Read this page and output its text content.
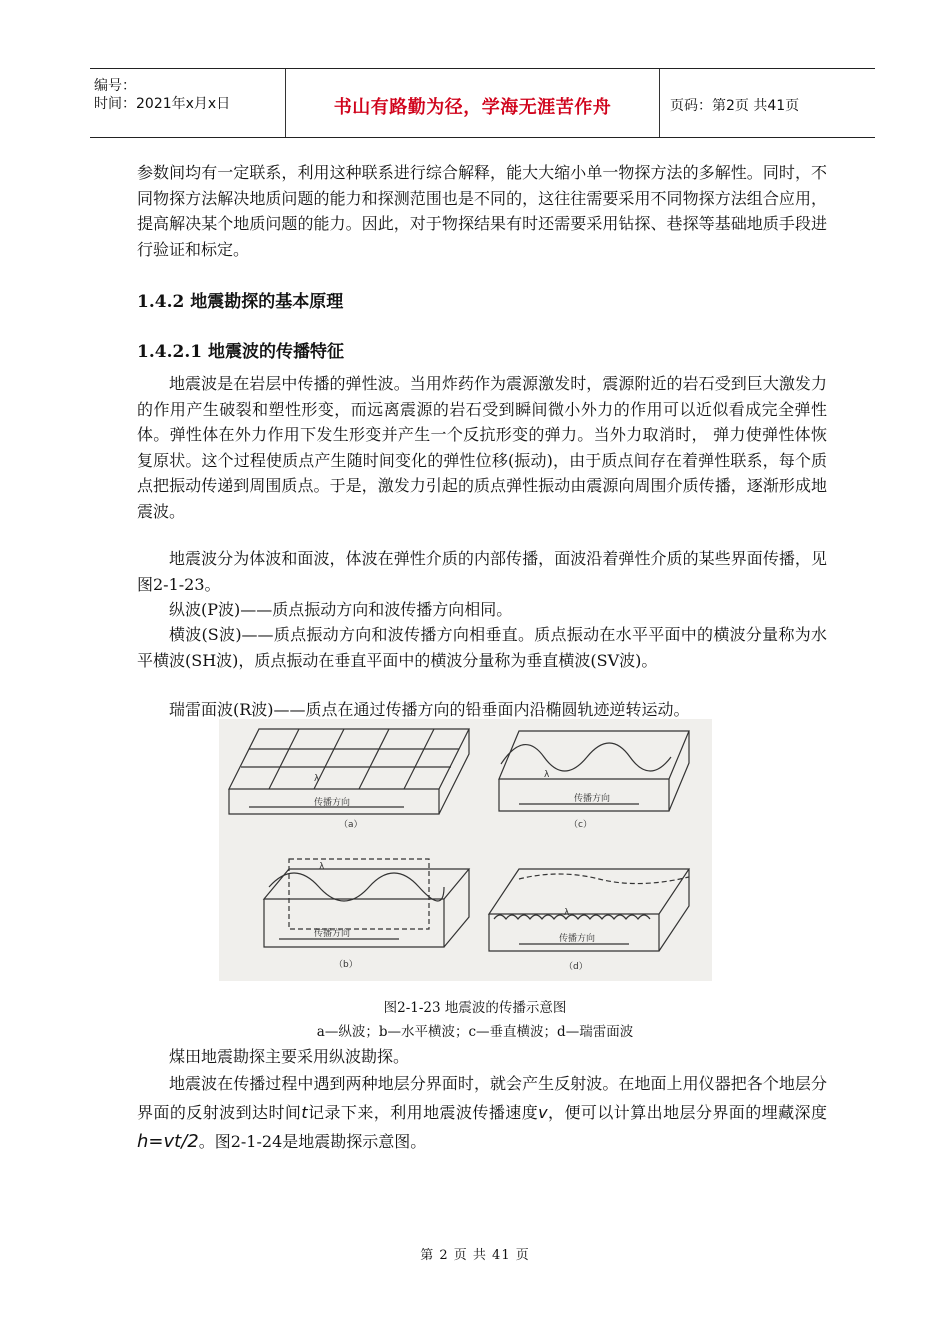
编号：
时间：2021年x月x日	书山有路勤为径，学海无涯苦作舟	页码：第2页 共41页
参数间均有一定联系，利用这种联系进行综合解释，能大大缩小单一物探方法的多解性。同时，不同物探方法解决地质问题的能力和探测范围也是不同的，这往往需要采用不同物探方法组合应用，提高解决某个地质问题的能力。因此，对于物探结果有时还需要采用钻探、巷探等基础地质手段进行验证和标定。
1.4.2 地震勘探的基本原理
1.4.2.1 地震波的传播特征
地震波是在岩层中传播的弹性波。当用炸药作为震源激发时，震源附近的岩石受到巨大激发力的作用产生破裂和塑性形变，而远离震源的岩石受到瞬间微小外力的作用可以近似看成完全弹性体。弹性体在外力作用下发生形变并产生一个反抗形变的弹力。当外力取消时， 弹力使弹性体恢复原状。这个过程使质点产生随时间变化的弹性位移(振动)，由于质点间存在着弹性联系，每个质点把振动传递到周围质点。于是，激发力引起的质点弹性振动由震源向周围介质传播，逐渐形成地震波。
地震波分为体波和面波，体波在弹性介质的内部传播，面波沿着弹性介质的某些界面传播，见图2-1-23。
纵波(P波)——质点振动方向和波传播方向相同。
横波(S波)——质点振动方向和波传播方向相垂直。质点振动在水平平面中的横波分量称为水平横波(SH波)，质点振动在垂直平面中的横波分量称为垂直横波(SV波)。
瑞雷面波(R波)——质点在通过传播方向的铅垂面内沿椭圆轨迹逆转运动。
传播方向	传播方向
传播方向	传播方向
（a）	（c）
（b）	（d）
λ	λ
λ
λ
图2-1-23 地震波的传播示意图
a—纵波；b—水平横波；c—垂直横波；d—瑞雷面波
煤田地震勘探主要采用纵波勘探。
地震波在传播过程中遇到两种地层分界面时，就会产生反射波。在地面上用仪器把各个地层分界面的反射波到达时间t记录下来，利用地震波传播速度v，便可以计算出地层分界面的埋藏深度h=vt/2。图2-1-24是地震勘探示意图。
第 2 页 共 41 页
